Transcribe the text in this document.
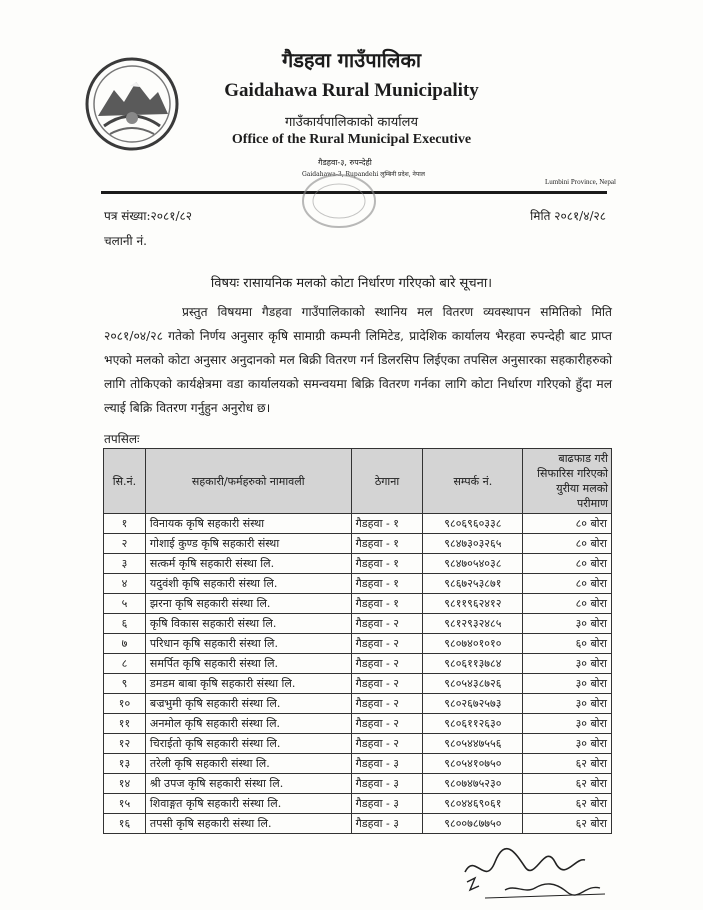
गैडहवा गाउँपालिका
Gaidahawa Rural Municipality
गाउँकार्यपालिकाको कार्यालय
Office of the Rural Municipal Executive
गैडहवा-३, रुपन्देही
Gaidahawa-3, Rupandehi लुम्बिनी प्रदेश, नेपाल
Lumbini Province, Nepal
पत्र संख्या:२०८१/८२	मिति २०८१/४/२८
चलानी नं.
विषयः रासायनिक मलको कोटा निर्धारण गरिएको बारे सूचना।
प्रस्तुत विषयमा गैडहवा गाउँपालिकाको स्थानिय मल वितरण व्यवस्थापन समितिको मिति २०८१/०४/२८ गतेको निर्णय अनुसार कृषि सामाग्री कम्पनी लिमिटेड, प्रादेशिक कार्यालय भैरहवा रुपन्देही बाट प्राप्त भएको मलको कोटा अनुसार अनुदानको मल बिक्री वितरण गर्न डिलरसिप लिईएका तपसिल अनुसारका सहकारीहरुको लागि तोकिएको कार्यक्षेत्रमा वडा कार्यालयको समन्वयमा बिक्रि वितरण गर्नका लागि कोटा निर्धारण गरिएको हुँदा मल ल्याई बिक्रि वितरण गर्नुहुन अनुरोध छ।
तपसिलः
सि.नं.	सहकारी/फर्महरुको नामावली	ठेगाना	सम्पर्क नं.	बाढफाड गरी सिफारिस गरिएको युरीया मलको परीमाण
१	विनायक कृषि सहकारी संस्था	गैडहवा - १	९८०६९६०३३८	८० बोरा
२	गोशाई कुण्ड कृषि सहकारी संस्था	गैडहवा - १	९८४७३०३२६५	८० बोरा
३	सत्कर्म कृषि सहकारी संस्था लि.	गैडहवा - १	९८४७०५४०३८	८० बोरा
४	यदुवंशी कृषि सहकारी संस्था लि.	गैडहवा - १	९८६७२५३८७१	८० बोरा
५	झरना कृषि सहकारी संस्था लि.	गैडहवा - १	९८११९६२४१२	८० बोरा
६	कृषि विकास सहकारी संस्था लि.	गैडहवा - २	९८१२९३२४८५	३० बोरा
७	परिधान कृषि सहकारी संस्था लि.	गैडहवा - २	९८०७४०१०१०	६० बोरा
८	समर्पित कृषि सहकारी संस्था लि.	गैडहवा - २	९८०६११३७८४	३० बोरा
९	डमडम बाबा कृषि सहकारी संस्था लि.	गैडहवा - २	९८०५४३८७२६	३० बोरा
१०	बज्रभुमी कृषि सहकारी संस्था लि.	गैडहवा - २	९८०२६७२५७३	३० बोरा
११	अनमोल कृषि सहकारी संस्था लि.	गैडहवा - २	९८०६११२६३०	३० बोरा
१२	चिराईतो कृषि सहकारी संस्था लि.	गैडहवा - २	९८०५४४७५५६	३० बोरा
१३	तरेली कृषि सहकारी संस्था लि.	गैडहवा - ३	९८०५४१०७५०	६२ बोरा
१४	श्री उपज कृषि सहकारी संस्था लि.	गैडहवा - ३	९८०७४७५२३०	६२ बोरा
१५	शिवाङ्गत कृषि सहकारी संस्था लि.	गैडहवा - ३	९८०४४६९०६१	६२ बोरा
१६	तपसी कृषि सहकारी संस्था लि.	गैडहवा - ३	९८००७८७७५०	६२ बोरा
